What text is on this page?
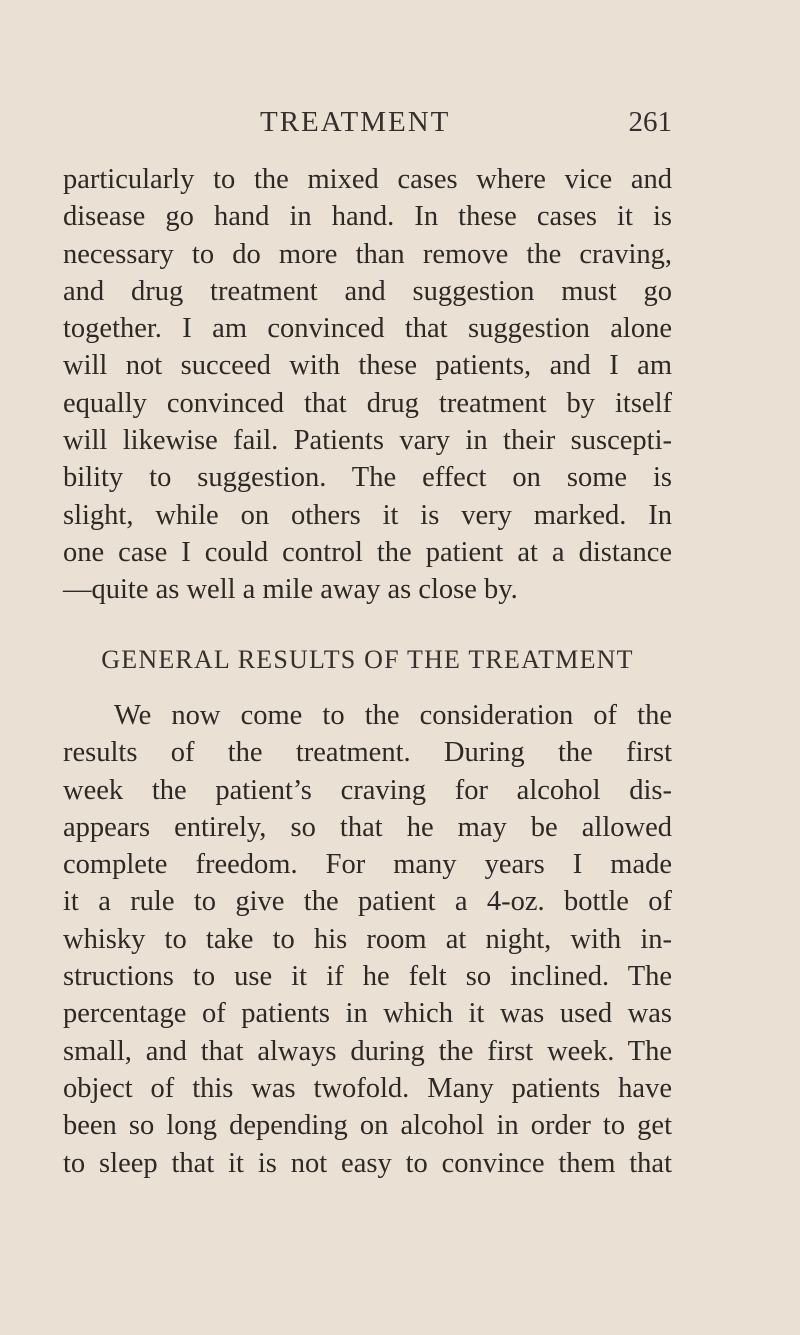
TREATMENT	261
particularly to the mixed cases where vice and
disease go hand in hand. In these cases it is
necessary to do more than remove the craving,
and drug treatment and suggestion must go
together. I am convinced that suggestion alone
will not succeed with these patients, and I am
equally convinced that drug treatment by itself
will likewise fail. Patients vary in their suscepti-
bility to suggestion. The effect on some is
slight, while on others it is very marked. In
one case I could control the patient at a distance
—quite as well a mile away as close by.
GENERAL RESULTS OF THE TREATMENT
We now come to the consideration of the
results of the treatment. During the first
week the patient’s craving for alcohol dis-
appears entirely, so that he may be allowed
complete freedom. For many years I made
it a rule to give the patient a 4-oz. bottle of
whisky to take to his room at night, with in-
structions to use it if he felt so inclined. The
percentage of patients in which it was used was
small, and that always during the first week. The
object of this was twofold. Many patients have
been so long depending on alcohol in order to get
to sleep that it is not easy to convince them that
